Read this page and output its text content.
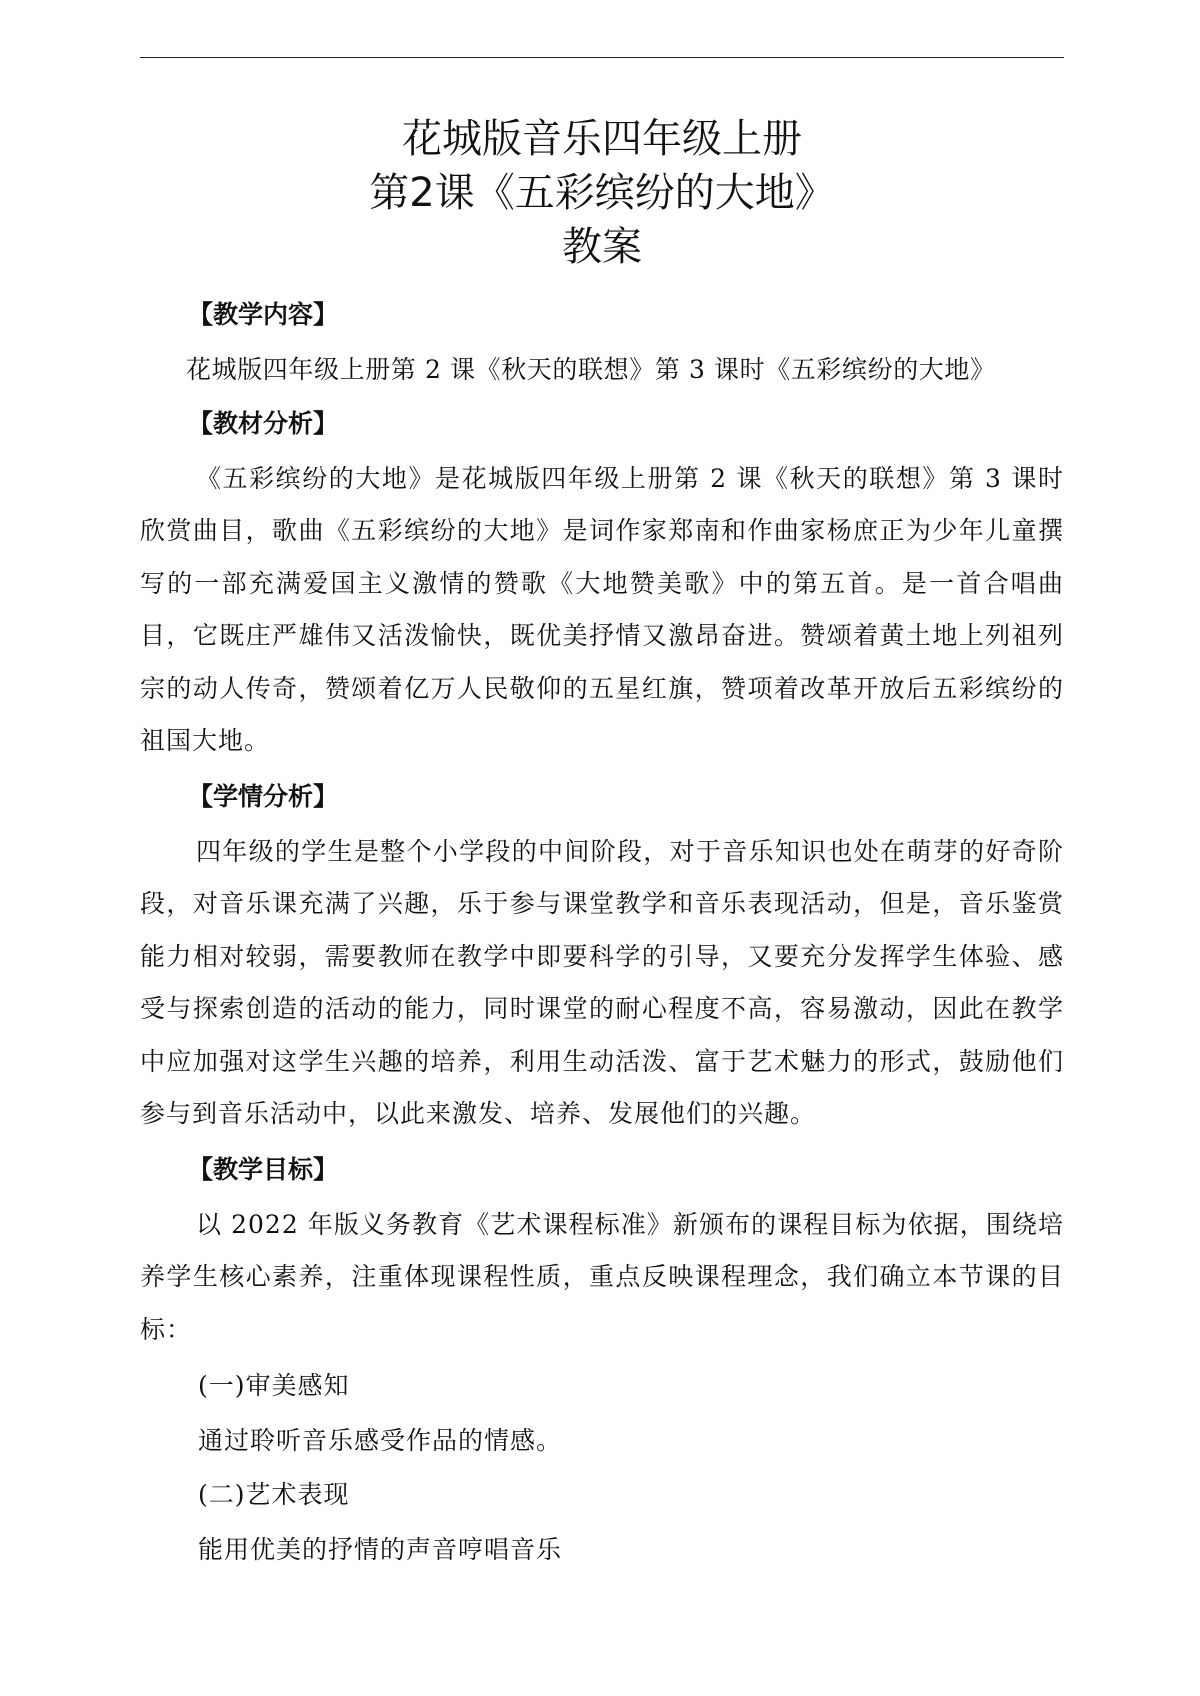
花城版音乐四年级上册
第2课《五彩缤纷的大地》
教案
【教学内容】
花城版四年级上册第 2 课《秋天的联想》第 3 课时《五彩缤纷的大地》
【教材分析】

《五彩缤纷的大地》是花城版四年级上册第 2 课《秋天的联想》第 3 课时欣赏曲目，歌曲《五彩缤纷的大地》是词作家郑南和作曲家杨庶正为少年儿童撰写的一部充满爱国主义激情的赞歌《大地赞美歌》中的第五首。是一首合唱曲目，它既庄严雄伟又活泼愉快，既优美抒情又激昂奋进。赞颂着黄土地上列祖列宗的动人传奇，赞颂着亿万人民敬仰的五星红旗，赞项着改革开放后五彩缤纷的祖国大地。

【学情分析】

四年级的学生是整个小学段的中间阶段，对于音乐知识也处在萌芽的好奇阶段，对音乐课充满了兴趣，乐于参与课堂教学和音乐表现活动，但是，音乐鉴赏能力相对较弱，需要教师在教学中即要科学的引导，又要充分发挥学生体验、感受与探索创造的活动的能力，同时课堂的耐心程度不高，容易激动，因此在教学中应加强对这学生兴趣的培养，利用生动活泼、富于艺术魅力的形式，鼓励他们参与到音乐活动中，以此来激发、培养、发展他们的兴趣。

【教学目标】

以 2022 年版义务教育《艺术课程标准》新颁布的课程目标为依据，围绕培养学生核心素养，注重体现课程性质，重点反映课程理念，我们确立本节课的目标：

(一)审美感知
通过聆听音乐感受作品的情感。
(二)艺术表现
能用优美的抒情的声音哼唱音乐
